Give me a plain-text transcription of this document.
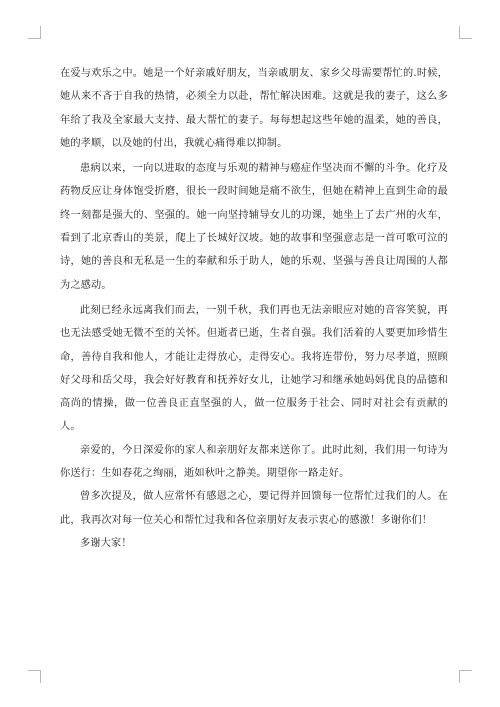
在爱与欢乐之中。她是一个好亲戚好朋友，当亲戚朋友、家乡父母需要帮忙的.时候，她从来不吝于自我的热情，必须全力以赴，帮忙解决困难。这就是我的妻子，这么多年给了我及全家最大支持、最大帮忙的妻子。每每想起这些年她的温柔，她的善良，她的孝顺，以及她的付出，我就心痛得难以抑制。

患病以来，一向以进取的态度与乐观的精神与癌症作坚决而不懈的斗争。化疗及药物反应让身体饱受折磨，很长一段时间她是痛不欲生，但她在精神上直到生命的最终一刻都是强大的、坚强的。她一向坚持辅导女儿的功课，她坐上了去广州的火车，看到了北京香山的美景，爬上了长城好汉坡。她的故事和坚强意志是一首可歌可泣的诗，她的善良和无私是一生的奉献和乐于助人，她的乐观、坚强与善良让周围的人都为之感动。

此刻已经永远离我们而去，一别千秋，我们再也无法亲眼应对她的音容笑貌，再也无法感受她无微不至的关怀。但逝者已逝，生者自强。我们活着的人要更加珍惜生命，善待自我和他人，才能让走得放心，走得安心。我将连带份，努力尽孝道，照顾好父母和岳父母，我会好好教育和抚养好女儿，让她学习和继承她妈妈优良的品德和高尚的情操，做一位善良正直坚强的人，做一位服务于社会、同时对社会有贡献的人。

亲爱的，今日深爱你的家人和亲朋好友都来送你了。此时此刻，我们用一句诗为你送行：生如春花之绚丽，逝如秋叶之静美。期望你一路走好。

曾多次提及，做人应常怀有感恩之心，要记得并回馈每一位帮忙过我们的人。在此，我再次对每一位关心和帮忙过我和各位亲朋好友表示衷心的感激！多谢你们！

多谢大家！
